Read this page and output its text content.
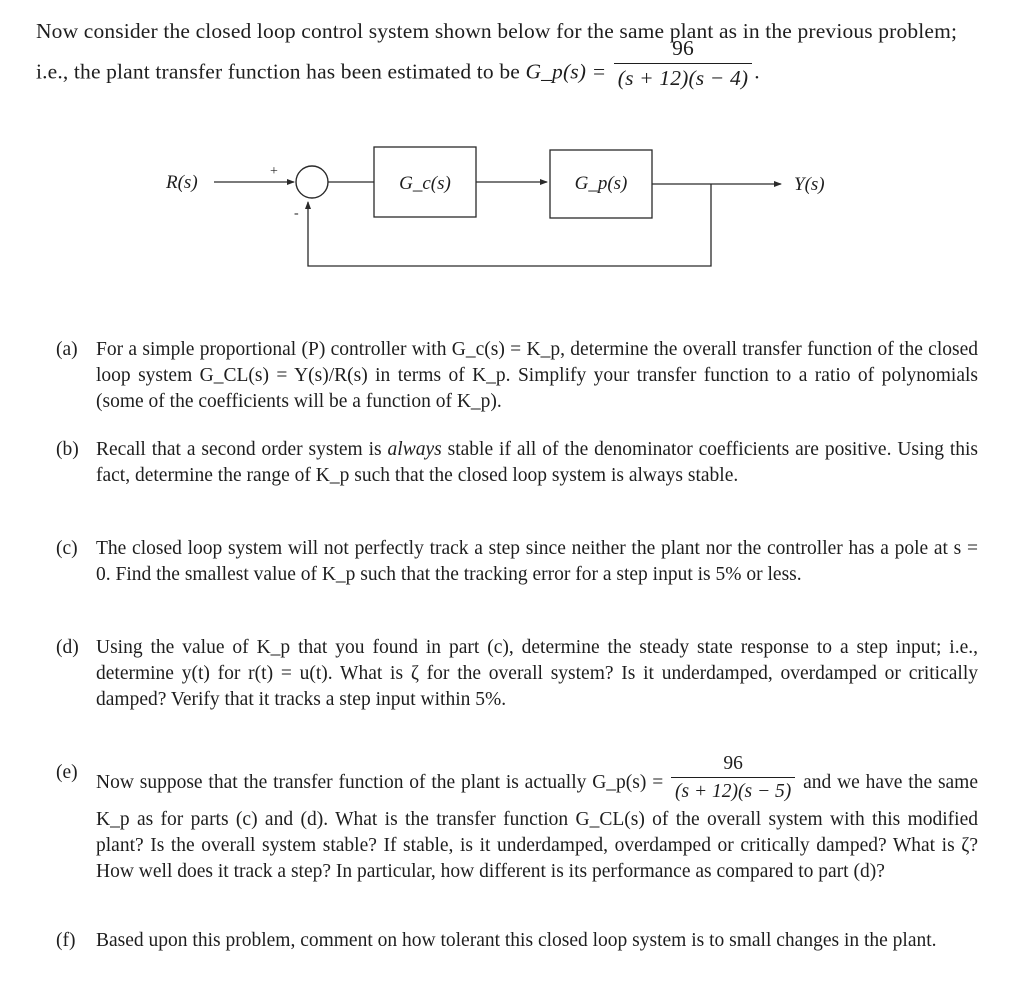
Now consider the closed loop control system shown below for the same plant as in the previous problem; i.e., the plant transfer function has been estimated to be G_p(s) = $\frac{96}{(s + 12)(s - 4)}$ .
R(s)
+
-
G_c(s)	G_p(s)	Y(s)
(a) For a simple proportional (P) controller with G_c(s) = K_p, determine the overall transfer function of the closed loop system G_CL(s) = Y(s)/R(s) in terms of K_p. Simplify your transfer function to a ratio of polynomials (some of the coefficients will be a function of K_p).
(b) Recall that a second order system is always stable if all of the denominator coefficients are positive. Using this fact, determine the range of K_p such that the closed loop system is always stable.
(c) The closed loop system will not perfectly track a step since neither the plant nor the controller has a pole at s = 0. Find the smallest value of K_p such that the tracking error for a step input is 5% or less.
(d) Using the value of K_p that you found in part (c), determine the steady state response to a step input; i.e., determine y(t) for r(t) = u(t). What is ζ for the overall system? Is it underdamped, overdamped or critically damped? Verify that it tracks a step input within 5%.
(e) Now suppose that the transfer function of the plant is actually G_p(s) = $\frac{96}{(s + 12)(s - 5)}$ and we have the same K_p as for parts (c) and (d). What is the transfer function G_CL(s) of the overall system with this modified plant? Is the overall system stable? If stable, is it underdamped, overdamped or critically damped? What is ζ? How well does it track a step? In particular, how different is its performance as compared to part (d)?
(f)	Based upon this problem, comment on how tolerant this closed loop system is to small changes in the plant.
